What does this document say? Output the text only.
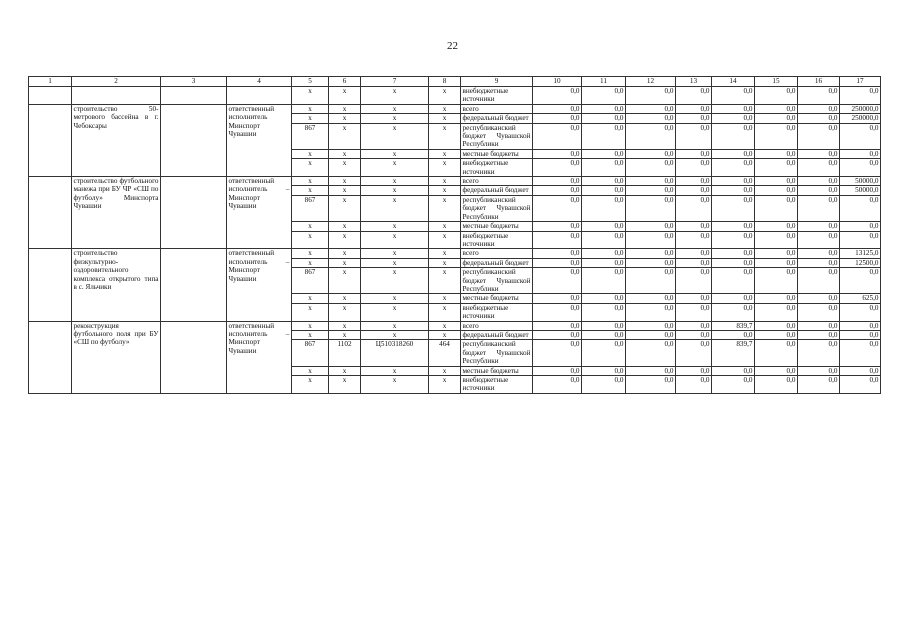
22
1	2	3	4	5	6	7	8	9	10	11	12	13	14	15	16	17
				x	x	x	x	внебюджетные источники	0,0	0,0	0,0	0,0	0,0	0,0	0,0	0,0
	строительство 50-метрового бассейна в г. Чебоксары		ответственный исполнитель Минспорт Чувашии	x	x	x	x	всего	0,0	0,0	0,0	0,0	0,0	0,0	0,0	250000,0
				x	x	x	x	федеральный бюджет	0,0	0,0	0,0	0,0	0,0	0,0	0,0	250000,0
				867	x	x	x	республиканский бюджет Чувашской Республики	0,0	0,0	0,0	0,0	0,0	0,0	0,0	0,0
				x	x	x	x	местные бюджеты	0,0	0,0	0,0	0,0	0,0	0,0	0,0	0,0
				x	x	x	x	внебюджетные источники	0,0	0,0	0,0	0,0	0,0	0,0	0,0	0,0
	строительство футбольного манежа при БУ ЧР «СШ по футболу» Минспорта Чувашии		ответственный исполнитель – Минспорт Чувашии	x	x	x	x	всего	0,0	0,0	0,0	0,0	0,0	0,0	0,0	50000,0
				x	x	x	x	федеральный бюджет	0,0	0,0	0,0	0,0	0,0	0,0	0,0	50000,0
				867	x	x	x	республиканский бюджет Чувашской Республики	0,0	0,0	0,0	0,0	0,0	0,0	0,0	0,0
				x	x	x	x	местные бюджеты	0,0	0,0	0,0	0,0	0,0	0,0	0,0	0,0
				x	x	x	x	внебюджетные источники	0,0	0,0	0,0	0,0	0,0	0,0	0,0	0,0
	строительство физкультурно-оздоровительного комплекса открытого типа в с. Яльчики		ответственный исполнитель – Минспорт Чувашии	x	x	x	x	всего	0,0	0,0	0,0	0,0	0,0	0,0	0,0	13125,0
				x	x	x	x	федеральный бюджет	0,0	0,0	0,0	0,0	0,0	0,0	0,0	12500,0
				867	x	x	x	республиканский бюджет Чувашской Республики	0,0	0,0	0,0	0,0	0,0	0,0	0,0	0,0
				x	x	x	x	местные бюджеты	0,0	0,0	0,0	0,0	0,0	0,0	0,0	625,0
				x	x	x	x	внебюджетные источники	0,0	0,0	0,0	0,0	0,0	0,0	0,0	0,0
	реконструкция футбольного поля при БУ «СШ по футболу»		ответственный исполнитель – Минспорт Чувашии	x	x	x	x	всего	0,0	0,0	0,0	0,0	839,7	0,0	0,0	0,0
				x	x	x	x	федеральный бюджет	0,0	0,0	0,0	0,0	0,0	0,0	0,0	0,0
				867	1102	Ц510318260	464	республиканский бюджет Чувашской Республики	0,0	0,0	0,0	0,0	839,7	0,0	0,0	0,0
				x	x	x	x	местные бюджеты	0,0	0,0	0,0	0,0	0,0	0,0	0,0	0,0
				x	x	x	x	внебюджетные источники	0,0	0,0	0,0	0,0	0,0	0,0	0,0	0,0
